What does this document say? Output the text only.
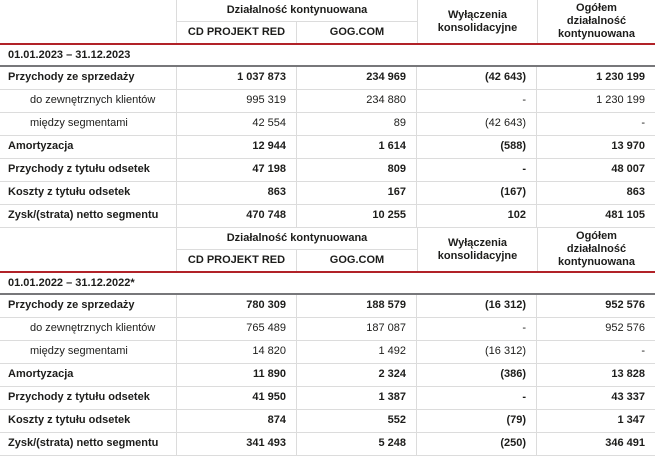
Działalność kontynuowana	Wyłączenia konsolidacyjne
Ogółem działalność kontynuowana
CD PROJEKT RED	GOG.COM
01.01.2023 – 31.12.2023
Przychody ze sprzedaży	1 037 873	234 969	(42 643)	1 230 199
do zewnętrznych klientów	995 319	234 880	-	1 230 199
między segmentami	42 554	89	(42 643)	-
Amortyzacja	12 944	1 614	(588)	13 970
Przychody z tytułu odsetek	47 198	809	-	48 007
Koszty z tytułu odsetek	863	167	(167)	863
Zysk/(strata) netto segmentu	470 748	10 255	102	481 105
Działalność kontynuowana	Wyłączenia konsolidacyjne
Ogółem działalność kontynuowana
CD PROJEKT RED	GOG.COM
01.01.2022 – 31.12.2022*
Przychody ze sprzedaży	780 309	188 579	(16 312)	952 576
do zewnętrznych klientów	765 489	187 087	-	952 576
między segmentami	14 820	1 492	(16 312)	-
Amortyzacja	11 890	2 324	(386)	13 828
Przychody z tytułu odsetek	41 950	1 387	-	43 337
Koszty z tytułu odsetek	874	552	(79)	1 347
Zysk/(strata) netto segmentu	341 493	5 248	(250)	346 491
